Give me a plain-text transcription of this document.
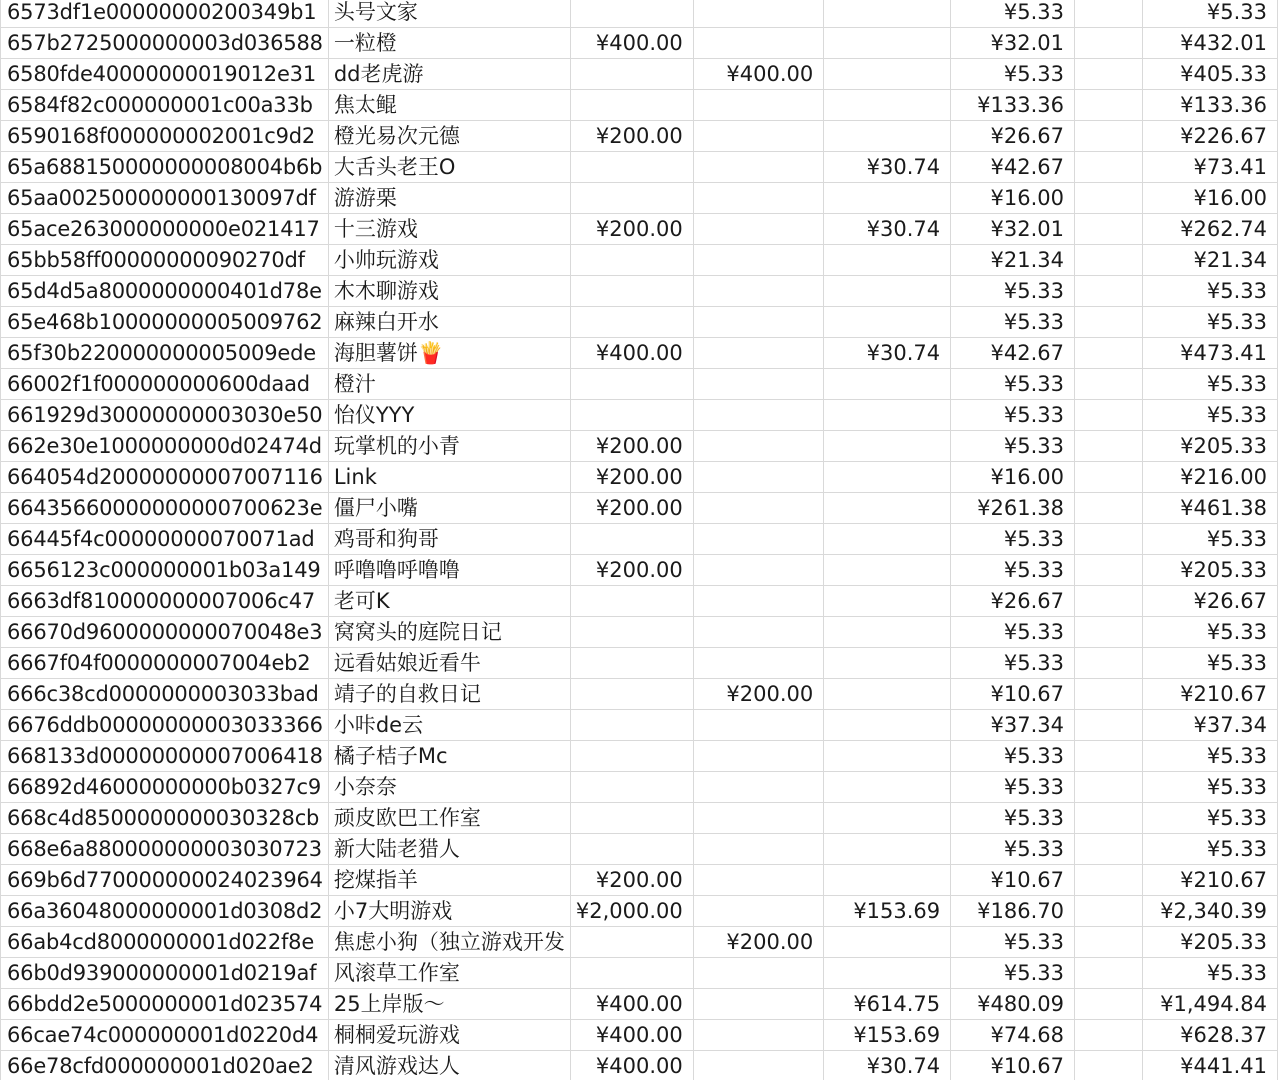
6573df1e00000000200349b1	头号文家				¥5.33		¥5.33
657b2725000000003d036588	一粒橙	¥400.00			¥32.01		¥432.01
6580fde40000000019012e31	dd老虎游		¥400.00		¥5.33		¥405.33
6584f82c000000001c00a33b	焦太鲲				¥133.36		¥133.36
6590168f000000002001c9d2	橙光易次元德	¥200.00			¥26.67		¥226.67
65a688150000000008004b6b	大舌头老王O			¥30.74	¥42.67		¥73.41
65aa002500000000130097df	游游栗				¥16.00		¥16.00
65ace263000000000e021417	十三游戏	¥200.00		¥30.74	¥32.01		¥262.74
65bb58ff00000000090270df	小帅玩游戏				¥21.34		¥21.34
65d4d5a8000000000401d78e	木木聊游戏				¥5.33		¥5.33
65e468b10000000005009762	麻辣白开水				¥5.33		¥5.33
65f30b220000000005009ede	海胆薯饼🍟	¥400.00		¥30.74	¥42.67		¥473.41
66002f1f000000000600daad	橙汁				¥5.33		¥5.33
661929d30000000003030e50	怡仪YYY				¥5.33		¥5.33
662e30e1000000000d02474d	玩掌机的小青	¥200.00			¥5.33		¥205.33
664054d20000000007007116	Link	¥200.00			¥16.00		¥216.00
66435660000000000700623e	僵尸小嘴	¥200.00			¥261.38		¥461.38
66445f4c00000000070071ad	鸡哥和狗哥				¥5.33		¥5.33
6656123c000000001b03a149	呼噜噜呼噜噜	¥200.00			¥5.33		¥205.33
6663df810000000007006c47	老可K				¥26.67		¥26.67
66670d9600000000070048e3	窝窝头的庭院日记				¥5.33		¥5.33
6667f04f0000000007004eb2	远看姑娘近看牛				¥5.33		¥5.33
666c38cd0000000003033bad	靖子的自救日记		¥200.00		¥10.67		¥210.67
6676ddb00000000003033366	小咔de云				¥37.34		¥37.34
668133d00000000007006418	橘子桔子Mc				¥5.33		¥5.33
66892d46000000000b0327c9	小奈奈				¥5.33		¥5.33
668c4d8500000000030328cb	顽皮欧巴工作室				¥5.33		¥5.33
668e6a880000000003030723	新大陆老猎人				¥5.33		¥5.33
669b6d770000000024023964	挖煤指羊	¥200.00			¥10.67		¥210.67
66a36048000000001d0308d2	小7大明游戏	¥2,000.00		¥153.69	¥186.70		¥2,340.39
66ab4cd8000000001d022f8e	焦虑小狗（独立游戏开发		¥200.00		¥5.33		¥205.33
66b0d939000000001d0219af	风滚草工作室				¥5.33		¥5.33
66bdd2e5000000001d023574	25上岸版～	¥400.00		¥614.75	¥480.09		¥1,494.84
66cae74c000000001d0220d4	桐桐爱玩游戏	¥400.00		¥153.69	¥74.68		¥628.37
66e78cfd000000001d020ae2	清风游戏达人	¥400.00		¥30.74	¥10.67		¥441.41
